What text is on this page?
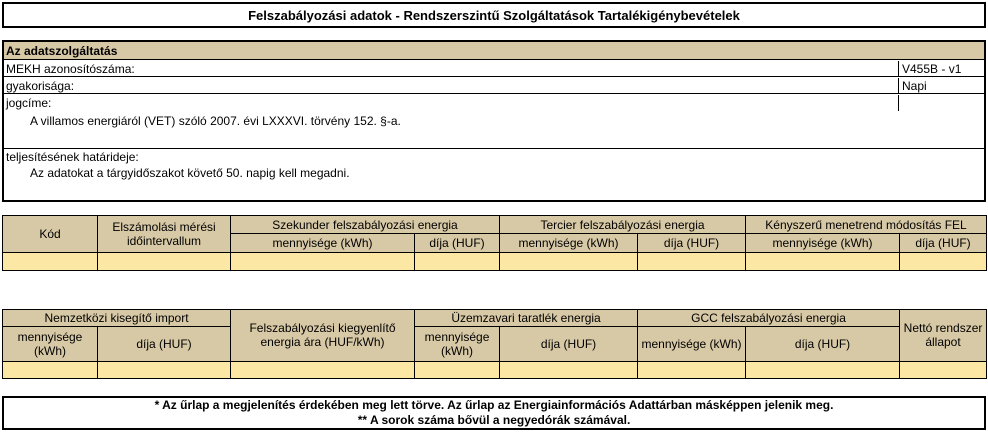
Felszabályozási adatok - Rendszerszintű Szolgáltatások Tartalékigénybevételek
Az adatszolgáltatás
MEKH azonosítószáma:	V455B - v1
gyakorisága:	Napi
jogcíme:
A villamos energiáról (VET) szóló 2007. évi LXXXVI. törvény 152. §-a.
teljesítésének határideje:
Az adatokat a tárgyidőszakot követő 50. napig kell megadni.
Kód	Elszámolási mérési időintervallum	Szekunder felszabályozási energia		Tercier felszabályozási energia		Kényszerű menetrend módosítás FEL	
		mennyisége (kWh)	díja (HUF)	mennyisége (kWh)	díja (HUF)	mennyisége (kWh)	díja (HUF)

Nemzetközi kisegítő import		Felszabályozási kiegyenlítő energia ára (HUF/kWh)	Üzemzavari taratlék energia		GCC felszabályozási energia		Nettó rendszer állapot
mennyisége (kWh)	díja (HUF)		mennyisége (kWh)	díja (HUF)	mennyisége (kWh)	díja (HUF)	

* Az űrlap a megjelenítés érdekében meg lett törve. Az űrlap az Energiainformációs Adattárban másképpen jelenik meg.
** A sorok száma bővül a negyedórák számával.
